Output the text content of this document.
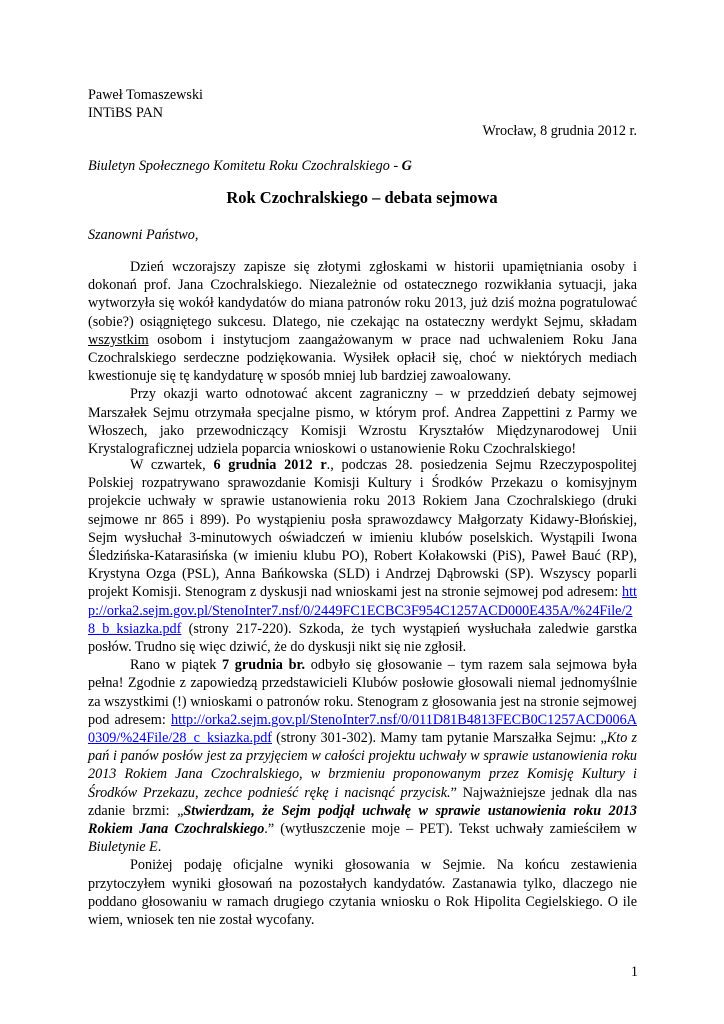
Paweł Tomaszewski
INTiBS PAN
Wrocław, 8 grudnia 2012 r.
Biuletyn Społecznego Komitetu Roku Czochralskiego - G
Rok Czochralskiego – debata sejmowa
Szanowni Państwo,

Dzień wczorajszy zapisze się złotymi zgłoskami w historii upamiętniania osoby i dokonań prof. Jana Czochralskiego. Niezależnie od ostatecznego rozwikłania sytuacji, jaka wytworzyła się wokół kandydatów do miana patronów roku 2013, już dziś można pogratulować (sobie?) osiągniętego sukcesu. Dlatego, nie czekając na ostateczny werdykt Sejmu, składam wszystkim osobom i instytucjom zaangażowanym w prace nad uchwaleniem Roku Jana Czochralskiego serdeczne podziękowania. Wysiłek opłacił się, choć w niektórych mediach kwestionuje się tę kandydaturę w sposób mniej lub bardziej zawoalowany.

Przy okazji warto odnotować akcent zagraniczny – w przeddzień debaty sejmowej Marszałek Sejmu otrzymała specjalne pismo, w którym prof. Andrea Zappettini z Parmy we Włoszech, jako przewodniczący Komisji Wzrostu Kryształów Międzynarodowej Unii Krystalograficznej udziela poparcia wnioskowi o ustanowienie Roku Czochralskiego!

W czwartek, 6 grudnia 2012 r., podczas 28. posiedzenia Sejmu Rzeczypospolitej Polskiej rozpatrywano sprawozdanie Komisji Kultury i Środków Przekazu o komisyjnym projekcie uchwały w sprawie ustanowienia roku 2013 Rokiem Jana Czochralskiego (druki sejmowe nr 865 i 899). Po wystąpieniu posła sprawozdawcy Małgorzaty Kidawy-Błońskiej, Sejm wysłuchał 3-minutowych oświadczeń w imieniu klubów poselskich. Wystąpili Iwona Śledzińska-Katarasińska (w imieniu klubu PO), Robert Kołakowski (PiS), Paweł Bauć (RP), Krystyna Ozga (PSL), Anna Bańkowska (SLD) i Andrzej Dąbrowski (SP). Wszyscy poparli projekt Komisji. Stenogram z dyskusji nad wnioskami jest na stronie sejmowej pod adresem: http://orka2.sejm.gov.pl/StenoInter7.nsf/0/2449FC1ECBC3F954C1257ACD000E435A/%24File/28_b_ksiazka.pdf (strony 217-220). Szkoda, że tych wystąpień wysłuchała zaledwie garstka posłów. Trudno się więc dziwić, że do dyskusji nikt się nie zgłosił.

Rano w piątek 7 grudnia br. odbyło się głosowanie – tym razem sala sejmowa była pełna! Zgodnie z zapowiedzą przedstawicieli Klubów posłowie głosowali niemal jednomyślnie za wszystkimi (!) wnioskami o patronów roku. Stenogram z głosowania jest na stronie sejmowej pod adresem: http://orka2.sejm.gov.pl/StenoInter7.nsf/0/011D81B4813FECB0C1257ACD006A0309/%24File/28_c_ksiazka.pdf (strony 301-302). Mamy tam pytanie Marszałka Sejmu: „Kto z pań i panów posłów jest za przyjęciem w całości projektu uchwały w sprawie ustanowienia roku 2013 Rokiem Jana Czochralskiego, w brzmieniu proponowanym przez Komisję Kultury i Środków Przekazu, zechce podnieść rękę i nacisnąć przycisk.” Najważniejsze jednak dla nas zdanie brzmi: „Stwierdzam, że Sejm podjął uchwałę w sprawie ustanowienia roku 2013 Rokiem Jana Czochralskiego.” (wytłuszczenie moje – PET). Tekst uchwały zamieściłem w Biuletynie E.

Poniżej podaję oficjalne wyniki głosowania w Sejmie. Na końcu zestawienia przytoczyłem wyniki głosowań na pozostałych kandydatów. Zastanawia tylko, dlaczego nie poddano głosowaniu w ramach drugiego czytania wniosku o Rok Hipolita Cegielskiego. O ile wiem, wniosek ten nie został wycofany.

1
